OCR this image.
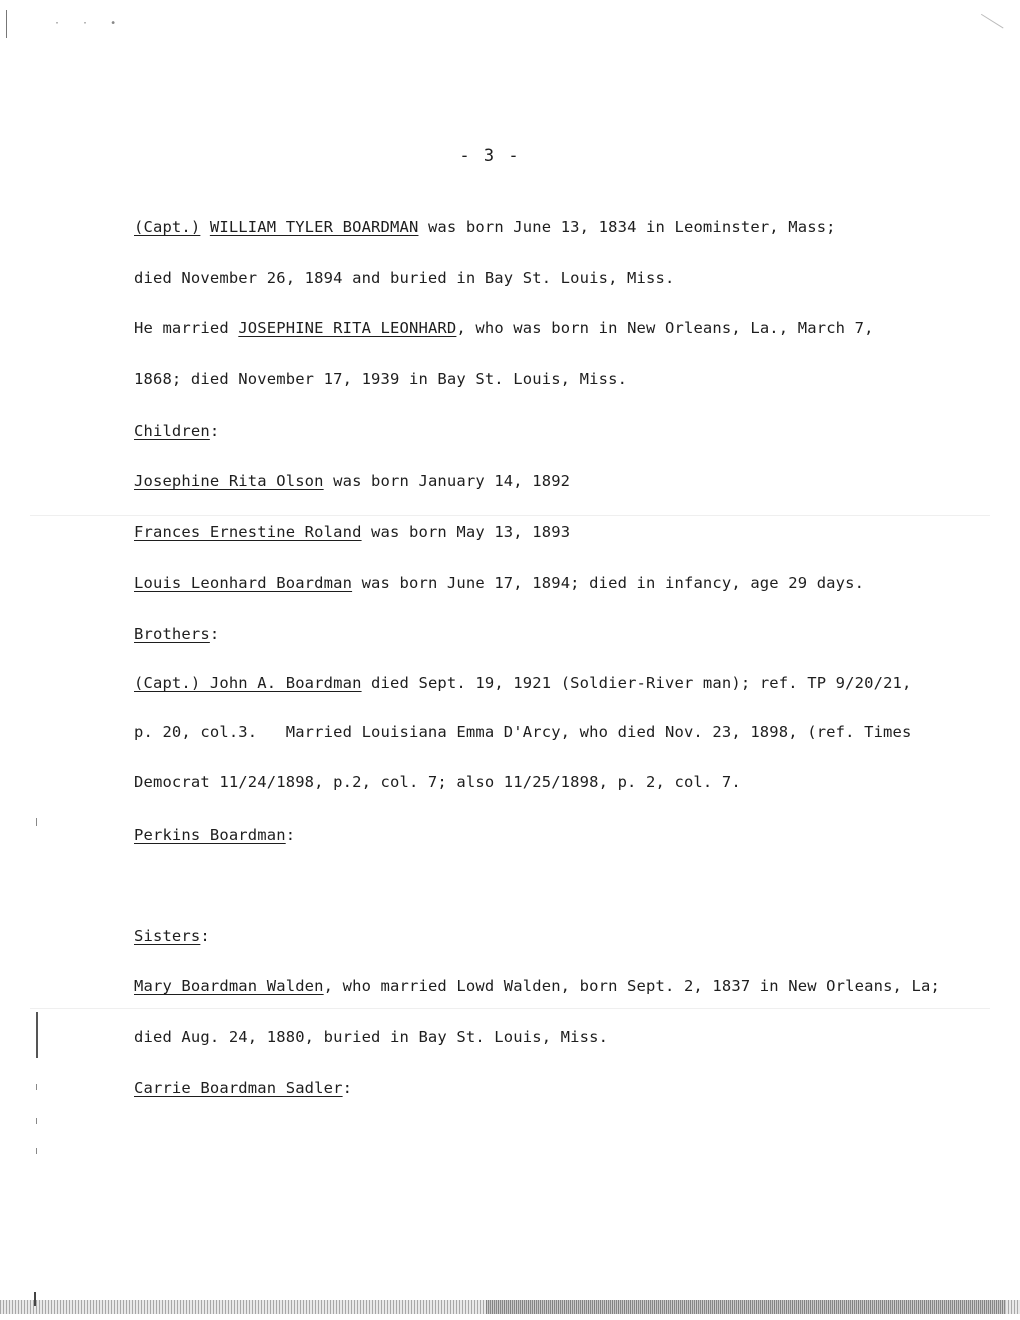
· · •
- 3 -
(Capt.) WILLIAM TYLER BOARDMAN was born June 13, 1834 in Leominster, Mass;
died November 26, 1894 and buried in Bay St. Louis, Miss.
He married JOSEPHINE RITA LEONHARD, who was born in New Orleans, La., March 7,
1868; died November 17, 1939 in Bay St. Louis, Miss.
Children:
Josephine Rita Olson was born January 14, 1892
Frances Ernestine Roland was born May 13, 1893
Louis Leonhard Boardman was born June 17, 1894; died in infancy, age 29 days.
Brothers:
(Capt.) John A. Boardman died Sept. 19, 1921 (Soldier-River man); ref. TP 9/20/21,
p. 20, col.3.   Married Louisiana Emma D'Arcy, who died Nov. 23, 1898, (ref. Times
Democrat 11/24/1898, p.2, col. 7; also 11/25/1898, p. 2, col. 7.
Perkins Boardman:
Sisters:
Mary Boardman Walden, who married Lowd Walden, born Sept. 2, 1837 in New Orleans, La;
died Aug. 24, 1880, buried in Bay St. Louis, Miss.
Carrie Boardman Sadler:
